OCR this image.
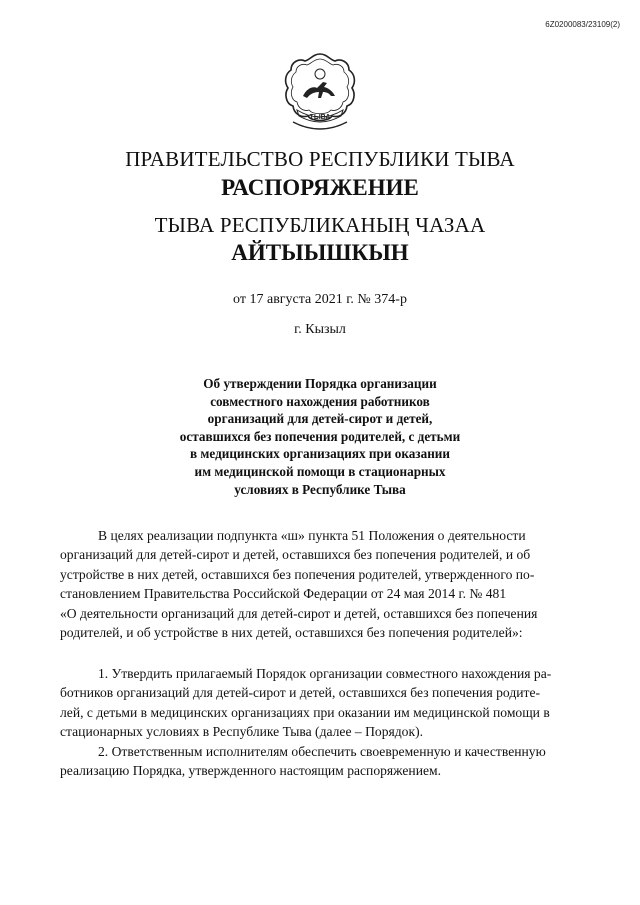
6Z0200083/23109(2)
ТЫВА
ПРАВИТЕЛЬСТВО РЕСПУБЛИКИ ТЫВА
РАСПОРЯЖЕНИЕ
ТЫВА РЕСПУБЛИКАНЫҢ ЧАЗАА
АЙТЫЫШКЫН
от 17 августа 2021 г. № 374-р
г. Кызыл
Об утверждении Порядка организации
совместного нахождения работников
организаций для детей-сирот и детей,
оставшихся без попечения родителей, с детьми
в медицинских организациях при оказании
им медицинской помощи в стационарных
условиях в Республике Тыва
В целях реализации подпункта «ш» пункта 51 Положения о деятельности
организаций для детей-сирот и детей, оставшихся без попечения родителей, и об
устройстве в них детей, оставшихся без попечения родителей, утвержденного по-
становлением Правительства Российской Федерации от 24 мая 2014 г. № 481
«О деятельности организаций для детей-сирот и детей, оставшихся без попечения
родителей, и об устройстве в них детей, оставшихся без попечения родителей»:
1. Утвердить прилагаемый Порядок организации совместного нахождения ра-
ботников организаций для детей-сирот и детей, оставшихся без попечения родите-
лей, с детьми в медицинских организациях при оказании им медицинской помощи в
стационарных условиях в Республике Тыва (далее – Порядок).
2. Ответственным исполнителям обеспечить своевременную и качественную
реализацию Порядка, утвержденного настоящим распоряжением.
